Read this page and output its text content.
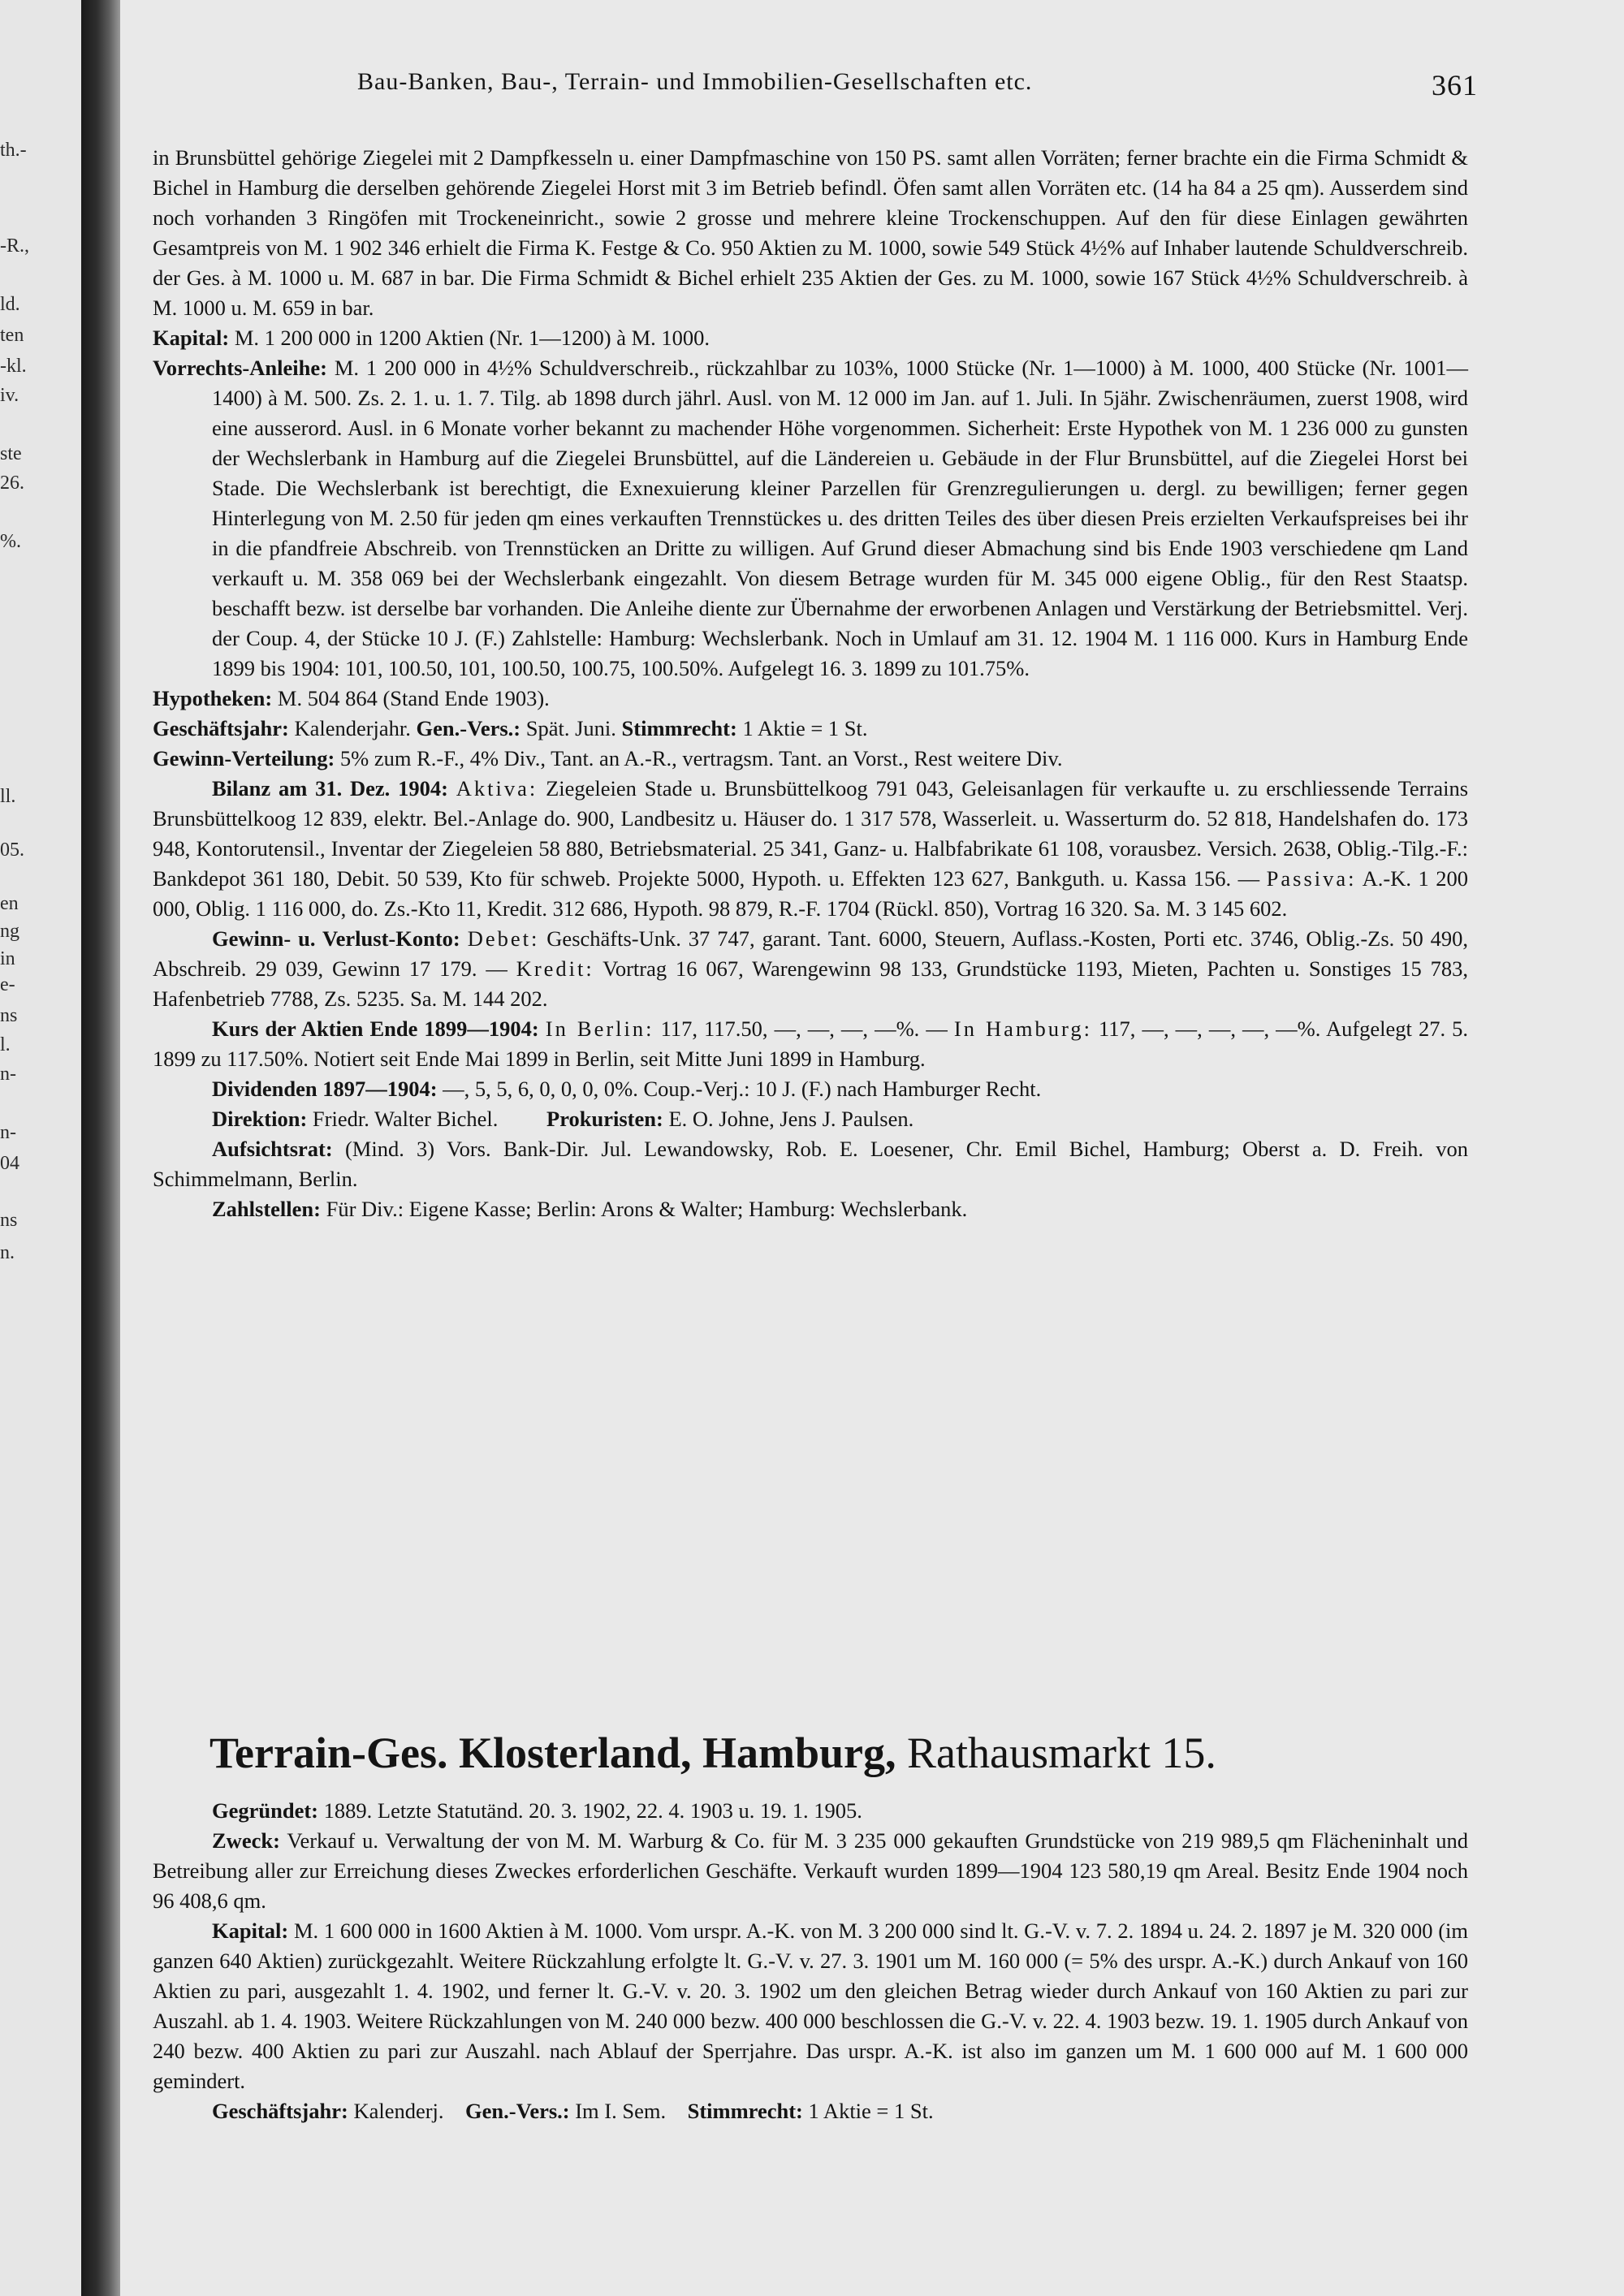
th.-
-R.,
ld.
ten
-kl.
iv.
ste
26.
%.
ll.
05.
en
ng
in
e-
ns
l.
n-
n-
04
ns
n.
Bau-Banken, Bau-, Terrain- und Immobilien-Gesellschaften etc.	361

in Brunsbüttel gehörige Ziegelei mit 2 Dampfkesseln u. einer Dampfmaschine von 150 PS. samt allen Vorräten; ferner brachte ein die Firma Schmidt & Bichel in Hamburg die derselben gehörende Ziegelei Horst mit 3 im Betrieb befindl. Öfen samt allen Vorräten etc. (14 ha 84 a 25 qm). Ausserdem sind noch vorhanden 3 Ringöfen mit Trockeneinricht., sowie 2 grosse und mehrere kleine Trockenschuppen. Auf den für diese Einlagen gewährten Gesamtpreis von M. 1 902 346 erhielt die Firma K. Festge & Co. 950 Aktien zu M. 1000, sowie 549 Stück 4½% auf Inhaber lautende Schuldverschreib. der Ges. à M. 1000 u. M. 687 in bar. Die Firma Schmidt & Bichel erhielt 235 Aktien der Ges. zu M. 1000, sowie 167 Stück 4½% Schuldverschreib. à M. 1000 u. M. 659 in bar.

Kapital: M. 1 200 000 in 1200 Aktien (Nr. 1—1200) à M. 1000.

Vorrechts-Anleihe: M. 1 200 000 in 4½% Schuldverschreib., rückzahlbar zu 103%, 1000 Stücke (Nr. 1—1000) à M. 1000, 400 Stücke (Nr. 1001—1400) à M. 500. Zs. 2. 1. u. 1. 7. Tilg. ab 1898 durch jährl. Ausl. von M. 12 000 im Jan. auf 1. Juli. In 5jähr. Zwischenräumen, zuerst 1908, wird eine ausserord. Ausl. in 6 Monate vorher bekannt zu machender Höhe vorgenommen. Sicherheit: Erste Hypothek von M. 1 236 000 zu gunsten der Wechslerbank in Hamburg auf die Ziegelei Brunsbüttel, auf die Ländereien u. Gebäude in der Flur Brunsbüttel, auf die Ziegelei Horst bei Stade. Die Wechslerbank ist berechtigt, die Exnexuierung kleiner Parzellen für Grenzregulierungen u. dergl. zu bewilligen; ferner gegen Hinterlegung von M. 2.50 für jeden qm eines verkauften Trennstückes u. des dritten Teiles des über diesen Preis erzielten Verkaufspreises bei ihr in die pfandfreie Abschreib. von Trennstücken an Dritte zu willigen. Auf Grund dieser Abmachung sind bis Ende 1903 verschiedene qm Land verkauft u. M. 358 069 bei der Wechslerbank eingezahlt. Von diesem Betrage wurden für M. 345 000 eigene Oblig., für den Rest Staatsp. beschafft bezw. ist derselbe bar vorhanden. Die Anleihe diente zur Übernahme der erworbenen Anlagen und Verstärkung der Betriebsmittel. Verj. der Coup. 4, der Stücke 10 J. (F.) Zahlstelle: Hamburg: Wechslerbank. Noch in Umlauf am 31. 12. 1904 M. 1 116 000. Kurs in Hamburg Ende 1899 bis 1904: 101, 100.50, 101, 100.50, 100.75, 100.50%. Aufgelegt 16. 3. 1899 zu 101.75%.

Hypotheken: M. 504 864 (Stand Ende 1903).

Geschäftsjahr: Kalenderjahr. Gen.-Vers.: Spät. Juni. Stimmrecht: 1 Aktie = 1 St.

Gewinn-Verteilung: 5% zum R.-F., 4% Div., Tant. an A.-R., vertragsm. Tant. an Vorst., Rest weitere Div.

Bilanz am 31. Dez. 1904: Aktiva: Ziegeleien Stade u. Brunsbüttelkoog 791 043, Geleisanlagen für verkaufte u. zu erschliessende Terrains Brunsbüttelkoog 12 839, elektr. Bel.-Anlage do. 900, Landbesitz u. Häuser do. 1 317 578, Wasserleit. u. Wasserturm do. 52 818, Handelshafen do. 173 948, Kontorutensil., Inventar der Ziegeleien 58 880, Betriebsmaterial. 25 341, Ganz- u. Halbfabrikate 61 108, vorausbez. Versich. 2638, Oblig.-Tilg.-F.: Bankdepot 361 180, Debit. 50 539, Kto für schweb. Projekte 5000, Hypoth. u. Effekten 123 627, Bankguth. u. Kassa 156. — Passiva: A.-K. 1 200 000, Oblig. 1 116 000, do. Zs.-Kto 11, Kredit. 312 686, Hypoth. 98 879, R.-F. 1704 (Rückl. 850), Vortrag 16 320. Sa. M. 3 145 602.

Gewinn- u. Verlust-Konto: Debet: Geschäfts-Unk. 37 747, garant. Tant. 6000, Steuern, Auflass.-Kosten, Porti etc. 3746, Oblig.-Zs. 50 490, Abschreib. 29 039, Gewinn 17 179. — Kredit: Vortrag 16 067, Warengewinn 98 133, Grundstücke 1193, Mieten, Pachten u. Sonstiges 15 783, Hafenbetrieb 7788, Zs. 5235. Sa. M. 144 202.

Kurs der Aktien Ende 1899—1904: In Berlin: 117, 117.50, —, —, —, —%. — In Hamburg: 117, —, —, —, —, —%. Aufgelegt 27. 5. 1899 zu 117.50%. Notiert seit Ende Mai 1899 in Berlin, seit Mitte Juni 1899 in Hamburg.

Dividenden 1897—1904: —, 5, 5, 6, 0, 0, 0, 0%. Coup.-Verj.: 10 J. (F.) nach Hamburger Recht.

Direktion: Friedr. Walter Bichel. Prokuristen: E. O. Johne, Jens J. Paulsen.

Aufsichtsrat: (Mind. 3) Vors. Bank-Dir. Jul. Lewandowsky, Rob. E. Loesener, Chr. Emil Bichel, Hamburg; Oberst a. D. Freih. von Schimmelmann, Berlin.

Zahlstellen: Für Div.: Eigene Kasse; Berlin: Arons & Walter; Hamburg: Wechslerbank.

Terrain-Ges. Klosterland, Hamburg, Rathausmarkt 15.

Gegründet: 1889. Letzte Statutänd. 20. 3. 1902, 22. 4. 1903 u. 19. 1. 1905.

Zweck: Verkauf u. Verwaltung der von M. M. Warburg & Co. für M. 3 235 000 gekauften Grundstücke von 219 989,5 qm Flächeninhalt und Betreibung aller zur Erreichung dieses Zweckes erforderlichen Geschäfte. Verkauft wurden 1899—1904 123 580,19 qm Areal. Besitz Ende 1904 noch 96 408,6 qm.

Kapital: M. 1 600 000 in 1600 Aktien à M. 1000. Vom urspr. A.-K. von M. 3 200 000 sind lt. G.-V. v. 7. 2. 1894 u. 24. 2. 1897 je M. 320 000 (im ganzen 640 Aktien) zurückgezahlt. Weitere Rückzahlung erfolgte lt. G.-V. v. 27. 3. 1901 um M. 160 000 (= 5% des urspr. A.-K.) durch Ankauf von 160 Aktien zu pari, ausgezahlt 1. 4. 1902, und ferner lt. G.-V. v. 20. 3. 1902 um den gleichen Betrag wieder durch Ankauf von 160 Aktien zu pari zur Auszahl. ab 1. 4. 1903. Weitere Rückzahlungen von M. 240 000 bezw. 400 000 beschlossen die G.-V. v. 22. 4. 1903 bezw. 19. 1. 1905 durch Ankauf von 240 bezw. 400 Aktien zu pari zur Auszahl. nach Ablauf der Sperrjahre. Das urspr. A.-K. ist also im ganzen um M. 1 600 000 auf M. 1 600 000 gemindert.

Geschäftsjahr: Kalenderj. Gen.-Vers.: Im I. Sem. Stimmrecht: 1 Aktie = 1 St.
